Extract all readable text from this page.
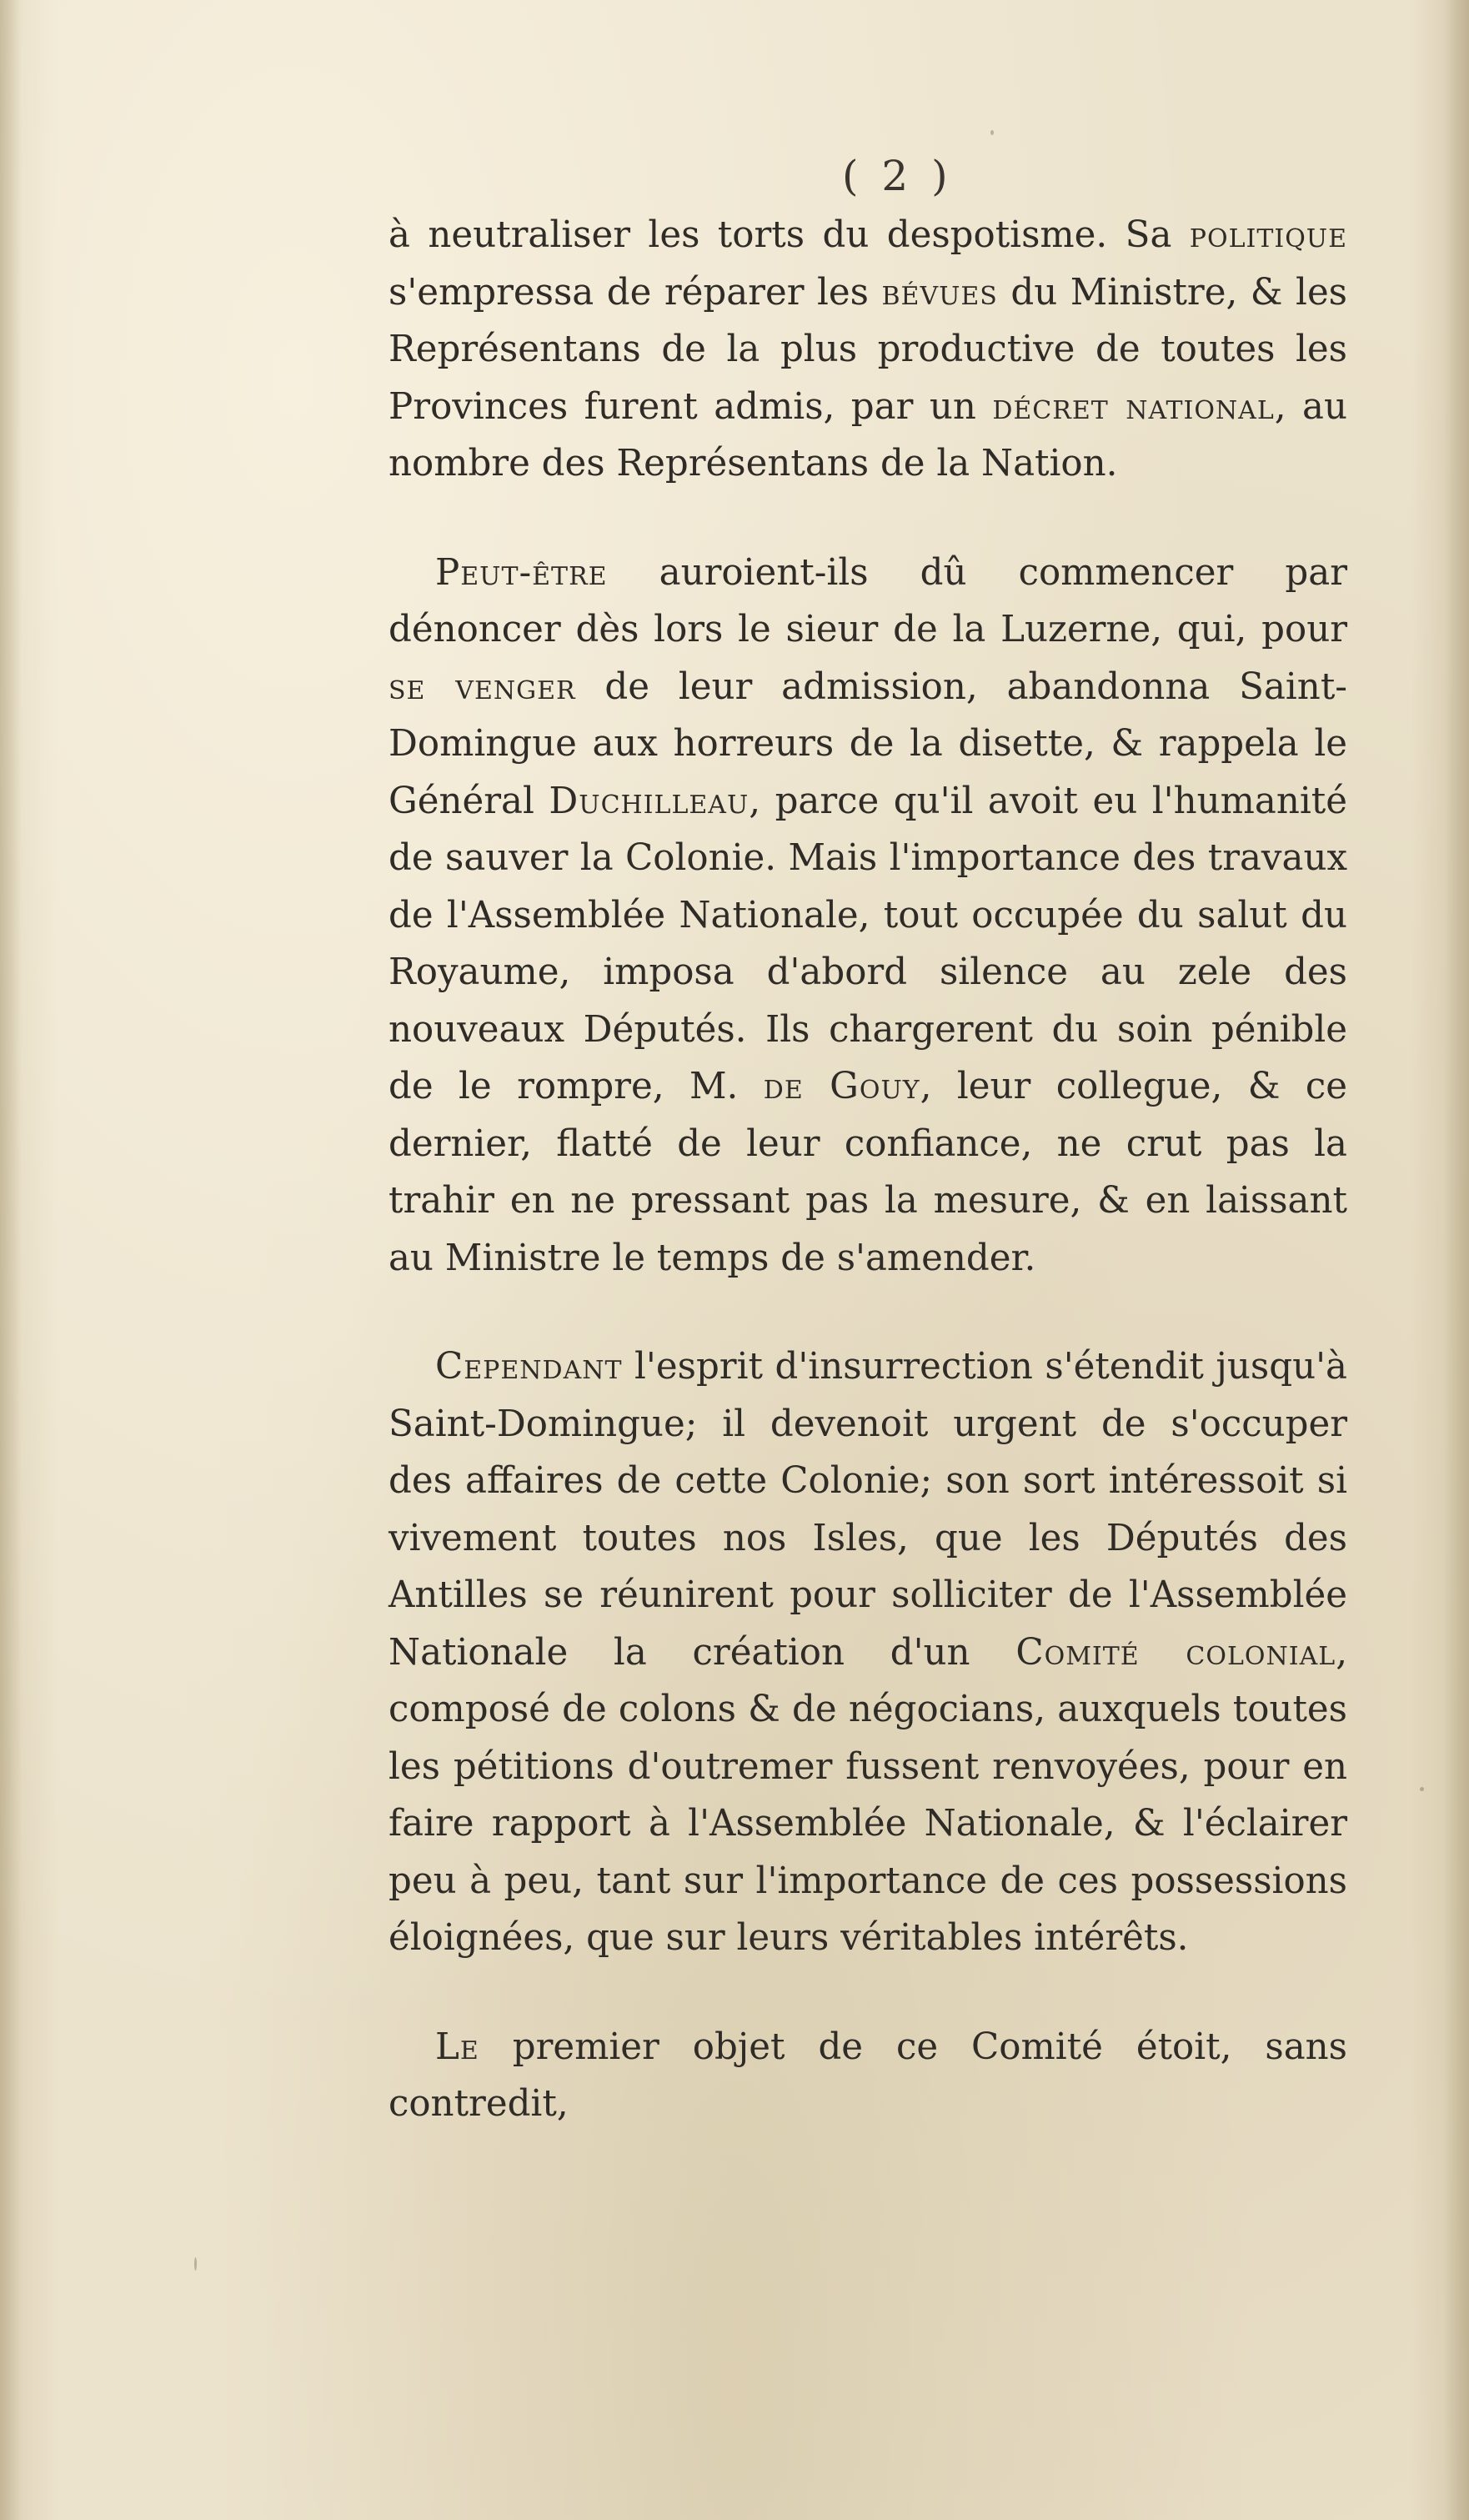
( 2 )

à neutraliser les torts du despotisme. Sa politique s'empressa de réparer les bévues du Ministre, & les Représentans de la plus productive de toutes les Provinces furent admis, par un décret national, au nombre des Représentans de la Nation.

Peut-être auroient-ils dû commencer par dénoncer dès lors le sieur de la Luzerne, qui, pour se venger de leur admission, abandonna Saint-Domingue aux horreurs de la disette, & rappela le Général Duchilleau, parce qu'il avoit eu l'humanité de sauver la Colonie. Mais l'importance des travaux de l'Assemblée Nationale, tout occupée du salut du Royaume, imposa d'abord silence au zele des nouveaux Députés. Ils chargerent du soin pénible de le rompre, M. de Gouy, leur collegue, & ce dernier, flatté de leur confiance, ne crut pas la trahir en ne pressant pas la mesure, & en laissant au Ministre le temps de s'amender.

Cependant l'esprit d'insurrection s'étendit jusqu'à Saint-Domingue; il devenoit urgent de s'occuper des affaires de cette Colonie; son sort intéressoit si vivement toutes nos Isles, que les Députés des Antilles se réunirent pour solliciter de l'Assemblée Nationale la création d'un Comité colonial, composé de colons & de négocians, auxquels toutes les pétitions d'outremer fussent renvoyées, pour en faire rapport à l'Assemblée Nationale, & l'éclairer peu à peu, tant sur l'importance de ces possessions éloignées, que sur leurs véritables intérêts.

Le premier objet de ce Comité étoit, sans contredit,
